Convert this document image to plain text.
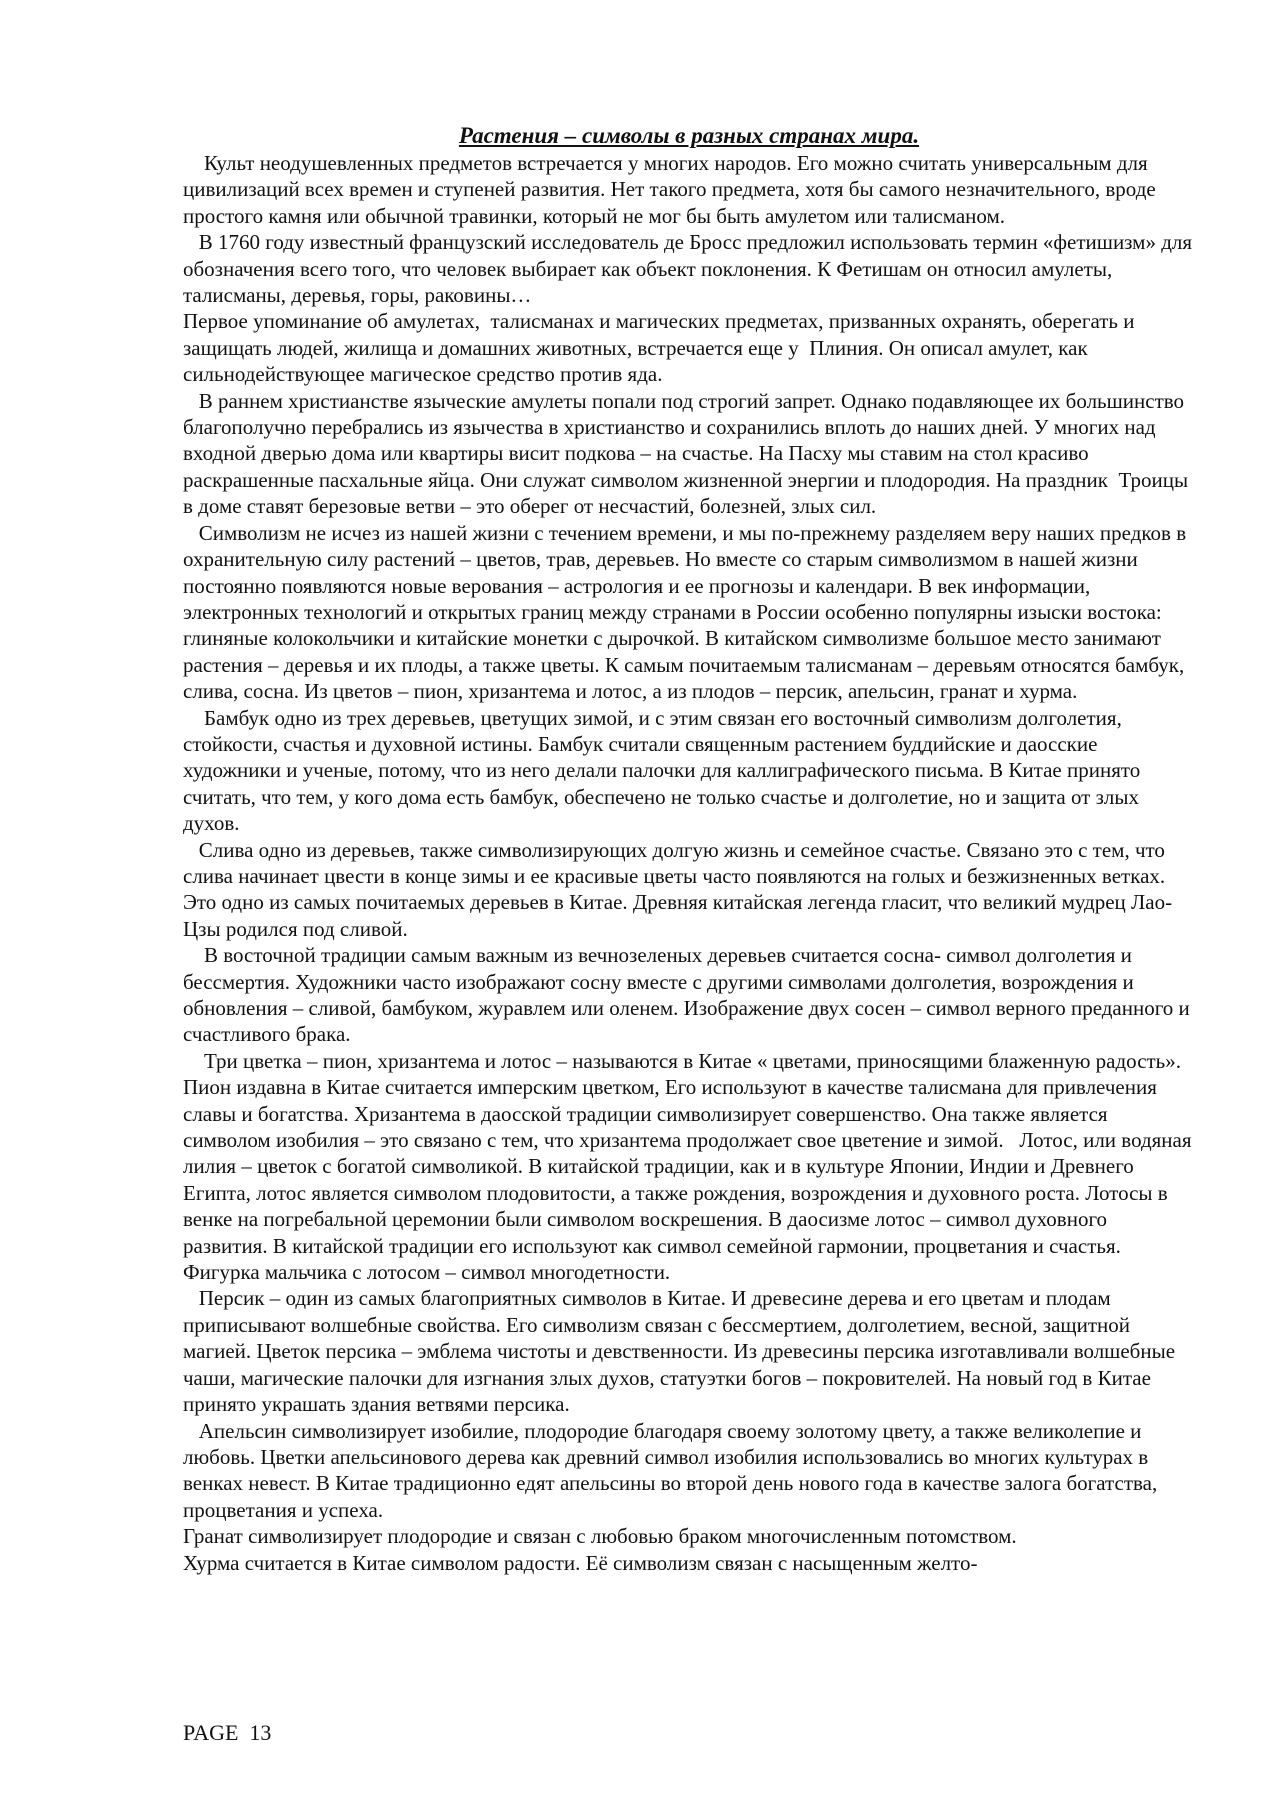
Растения – символы в разных странах мира.

Культ неодушевленных предметов встречается у многих народов. Его можно считать универсальным для цивилизаций всех времен и ступеней развития. Нет такого предмета, хотя бы самого незначительного, вроде простого камня или обычной травинки, который не мог бы быть амулетом или талисманом.

В 1760 году известный французский исследователь де Бросс предложил использовать термин «фетишизм» для обозначения всего того, что человек выбирает как объект поклонения. К Фетишам он относил амулеты, талисманы, деревья, горы, раковины…

Первое упоминание об амулетах,  талисманах и магических предметах, призванных охранять, оберегать и защищать людей, жилища и домашних животных, встречается еще у  Плиния. Он описал амулет, как сильнодействующее магическое средство против яда.

В раннем христианстве языческие амулеты попали под строгий запрет. Однако подавляющее их большинство благополучно перебрались из язычества в христианство и сохранились вплоть до наших дней. У многих над входной дверью дома или квартиры висит подкова – на счастье. На Пасху мы ставим на стол красиво раскрашенные пасхальные яйца. Они служат символом жизненной энергии и плодородия. На праздник  Троицы в доме ставят березовые ветви – это оберег от несчастий, болезней, злых сил.

Символизм не исчез из нашей жизни с течением времени, и мы по-прежнему разделяем веру наших предков в охранительную силу растений – цветов, трав, деревьев. Но вместе со старым символизмом в нашей жизни постоянно появляются новые верования – астрология и ее прогнозы и календари. В век информации, электронных технологий и открытых границ между странами в России особенно популярны изыски востока: глиняные колокольчики и китайские монетки с дырочкой. В китайском символизме большое место занимают растения – деревья и их плоды, а также цветы. К самым почитаемым талисманам – деревьям относятся бамбук, слива, сосна. Из цветов – пион, хризантема и лотос, а из плодов – персик, апельсин, гранат и хурма.

Бамбук одно из трех деревьев, цветущих зимой, и с этим связан его восточный символизм долголетия, стойкости, счастья и духовной истины. Бамбук считали священным растением буддийские и даосские художники и ученые, потому, что из него делали палочки для каллиграфического письма. В Китае принято считать, что тем, у кого дома есть бамбук, обеспечено не только счастье и долголетие, но и защита от злых духов.

Слива одно из деревьев, также символизирующих долгую жизнь и семейное счастье. Связано это с тем, что слива начинает цвести в конце зимы и ее красивые цветы часто появляются на голых и безжизненных ветках. Это одно из самых почитаемых деревьев в Китае. Древняя китайская легенда гласит, что великий мудрец Лао-Цзы родился под сливой.

В восточной традиции самым важным из вечнозеленых деревьев считается сосна- символ долголетия и бессмертия. Художники часто изображают сосну вместе с другими символами долголетия, возрождения и обновления – сливой, бамбуком, журавлем или оленем. Изображение двух сосен – символ верного преданного и счастливого брака.

Три цветка – пион, хризантема и лотос – называются в Китае « цветами, приносящими блаженную радость».  Пион издавна в Китае считается имперским цветком, Его используют в качестве талисмана для привлечения славы и богатства. Хризантема в даосской традиции символизирует совершенство. Она также является символом изобилия – это связано с тем, что хризантема продолжает свое цветение и зимой.   Лотос, или водяная лилия – цветок с богатой символикой. В китайской традиции, как и в культуре Японии, Индии и Древнего Египта, лотос является символом плодовитости, а также рождения, возрождения и духовного роста. Лотосы в венке на погребальной церемонии были символом воскрешения. В даосизме лотос – символ духовного развития. В китайской традиции его используют как символ семейной гармонии, процветания и счастья. Фигурка мальчика с лотосом – символ многодетности.

Персик – один из самых благоприятных символов в Китае. И древесине дерева и его цветам и плодам приписывают волшебные свойства. Его символизм связан с бессмертием, долголетием, весной, защитной магией. Цветок персика – эмблема чистоты и девственности. Из древесины персика изготавливали волшебные чаши, магические палочки для изгнания злых духов, статуэтки богов – покровителей. На новый год в Китае принято украшать здания ветвями персика.

Апельсин символизирует изобилие, плодородие благодаря своему золотому цвету, а также великолепие и любовь. Цветки апельсинового дерева как древний символ изобилия использовались во многих культурах в венках невест. В Китае традиционно едят апельсины во второй день нового года в качестве залога богатства, процветания и успеха.

Гранат символизирует плодородие и связан с любовью браком многочисленным потомством.

Хурма считается в Китае символом радости. Её символизм связан с насыщенным желто-

PAGE  13
